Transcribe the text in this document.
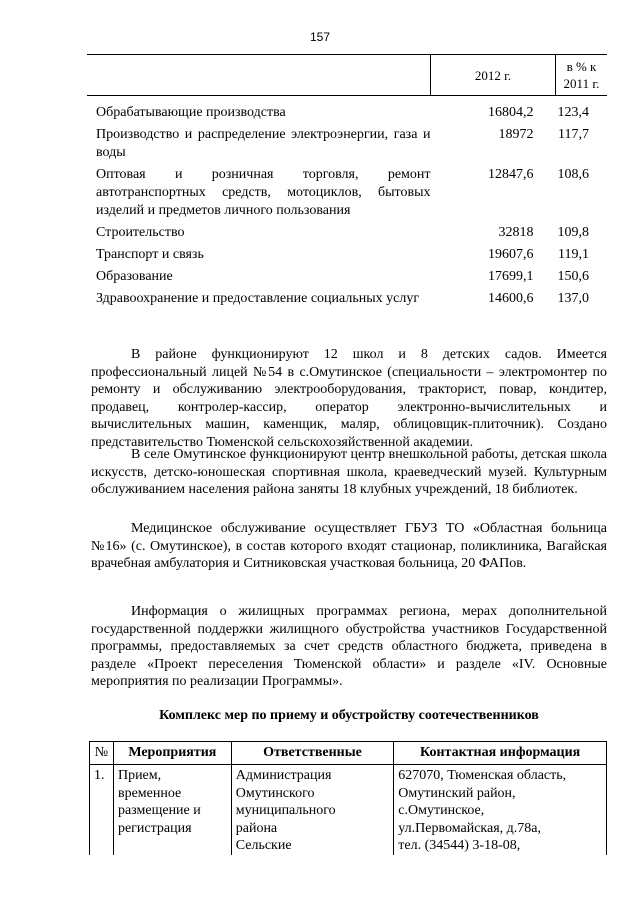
157
	2012 г.	в % к
2011 г.
Обрабатывающие производства	16804,2	123,4
Производство и распределение электроэнергии, газа и воды	18972	117,7
Оптовая и розничная торговля, ремонт автотранспортных средств, мотоциклов, бытовых изделий и предметов личного пользования	12847,6	108,6
Строительство	32818	109,8
Транспорт и связь	19607,6	119,1
Образование	17699,1	150,6
Здравоохранение и предоставление социальных услуг	14600,6	137,0

В районе функционируют 12 школ и 8 детских садов. Имеется профессиональный лицей №54 в с.Омутинское (специальности – электромонтер по ремонту и обслуживанию электрооборудования, тракторист, повар, кондитер, продавец, контролер-кассир, оператор электронно-вычислительных и вычислительных машин, каменщик, маляр, облицовщик-плиточник). Создано представительство Тюменской сельскохозяйственной академии.

В селе Омутинское функционируют центр внешкольной работы, детская школа искусств, детско-юношеская спортивная школа, краеведческий музей. Культурным обслуживанием населения района заняты 18 клубных учреждений, 18 библиотек.

Медицинское обслуживание осуществляет ГБУЗ ТО «Областная больница №16» (с. Омутинское), в состав которого входят стационар, поликлиника, Вагайская врачебная амбулатория и Ситниковская участковая больница, 20 ФАПов.

Информация о жилищных программах региона, мерах дополнительной государственной поддержки жилищного обустройства участников Государственной программы, предоставляемых за счет средств областного бюджета, приведена в разделе «Проект переселения Тюменской области» и разделе «IV. Основные мероприятия по реализации Программы».

Комплекс мер по приему и обустройству соотечественников

№	Мероприятия	Ответственные	Контактная информация
1.	Прием,
временное
размещение и
регистрация	Администрация
Омутинского
муниципального
района
Сельские	627070, Тюменская область,
Омутинский район,
с.Омутинское,
ул.Первомайская, д.78а,
тел. (34544) 3-18-08,
